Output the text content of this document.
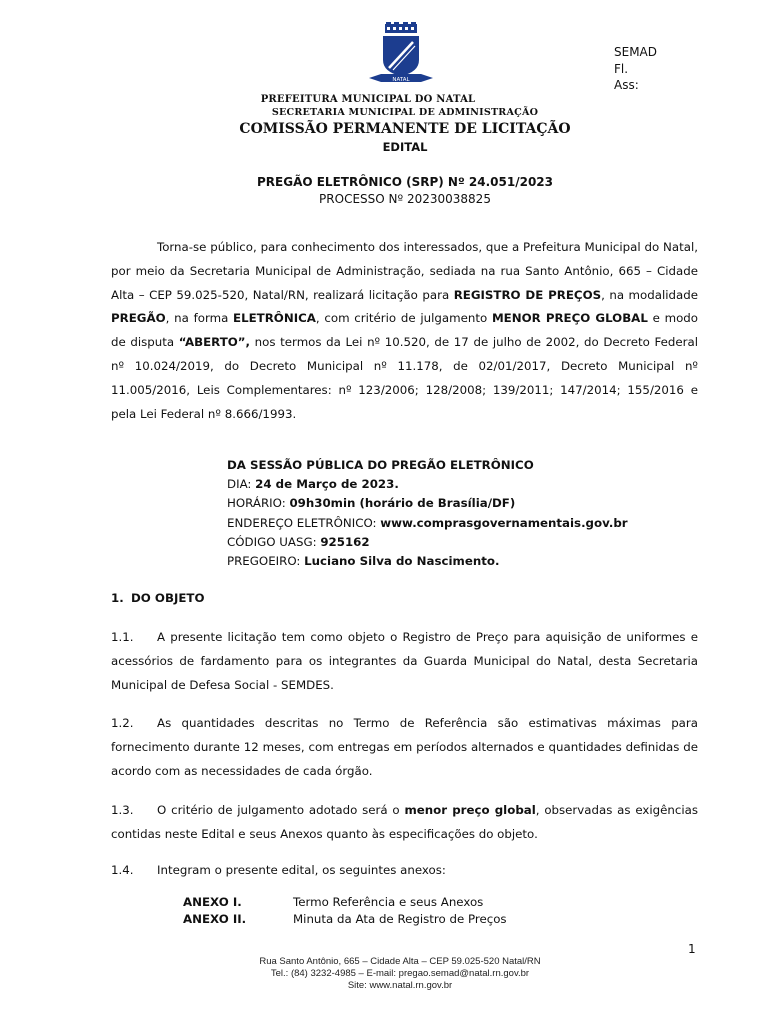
NATAL
SEMAD
Fl.
Ass:
PREFEITURA MUNICIPAL DO NATAL
SECRETARIA MUNICIPAL DE ADMINISTRAÇÃO
COMISSÃO PERMANENTE DE LICITAÇÃO
EDITAL
PREGÃO ELETRÔNICO (SRP) Nº 24.051/2023
PROCESSO Nº 20230038825
Torna-se público, para conhecimento dos interessados, que a Prefeitura Municipal do Natal, por meio da Secretaria Municipal de Administração, sediada na rua Santo Antônio, 665 – Cidade Alta – CEP 59.025-520, Natal/RN, realizará licitação para REGISTRO DE PREÇOS, na modalidade PREGÃO, na forma ELETRÔNICA, com critério de julgamento MENOR PREÇO GLOBAL e modo de disputa “ABERTO”, nos termos da Lei nº 10.520, de 17 de julho de 2002, do Decreto Federal nº 10.024/2019, do Decreto Municipal nº 11.178, de 02/01/2017, Decreto Municipal nº 11.005/2016, Leis Complementares: nº 123/2006; 128/2008; 139/2011; 147/2014; 155/2016 e pela Lei Federal nº 8.666/1993.
DA SESSÃO PÚBLICA DO PREGÃO ELETRÔNICO
DIA: 24 de Março de 2023.
HORÁRIO: 09h30min (horário de Brasília/DF)
ENDEREÇO ELETRÔNICO: www.comprasgovernamentais.gov.br
CÓDIGO UASG: 925162
PREGOEIRO: Luciano Silva do Nascimento.
1. DO OBJETO
1.1. A presente licitação tem como objeto o Registro de Preço para aquisição de uniformes e acessórios de fardamento para os integrantes da Guarda Municipal do Natal, desta Secretaria Municipal de Defesa Social - SEMDES.
1.2. As quantidades descritas no Termo de Referência são estimativas máximas para fornecimento durante 12 meses, com entregas em períodos alternados e quantidades definidas de acordo com as necessidades de cada órgão.
1.3. O critério de julgamento adotado será o menor preço global, observadas as exigências contidas neste Edital e seus Anexos quanto às especificações do objeto.
1.4. Integram o presente edital, os seguintes anexos:
ANEXO I.	Termo Referência e seus Anexos
ANEXO II.	Minuta da Ata de Registro de Preços
1
Rua Santo Antônio, 665 – Cidade Alta – CEP 59.025-520 Natal/RN
Tel.: (84) 3232-4985 – E-mail: pregao.semad@natal.rn.gov.br
Site: www.natal.rn.gov.br
